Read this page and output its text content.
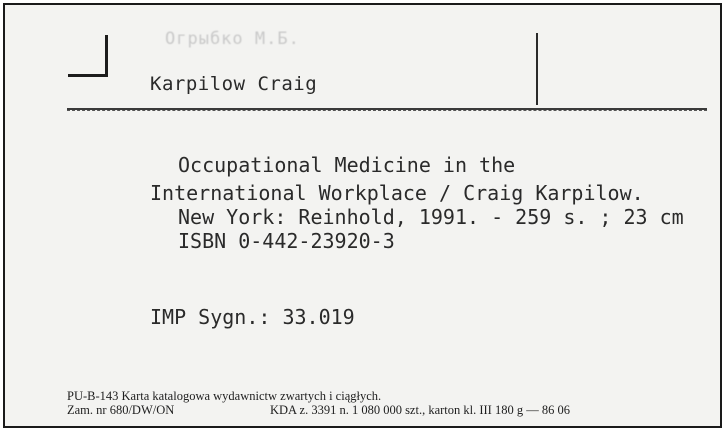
Огрыбко М.Б.
Karpilow Craig
Occupational Medicine in the
International Workplace / Craig Karpilow.
New York: Reinhold, 1991. - 259 s. ; 23 cm
ISBN 0-442-23920-3
IMP Sygn.: 33.019
PU-B-143 Karta katalogowa wydawnictw zwartych i ciągłych.
Zam. nr 680/DW/ON	KDA z. 3391 n. 1 080 000 szt., karton kl. III 180 g — 86 06
